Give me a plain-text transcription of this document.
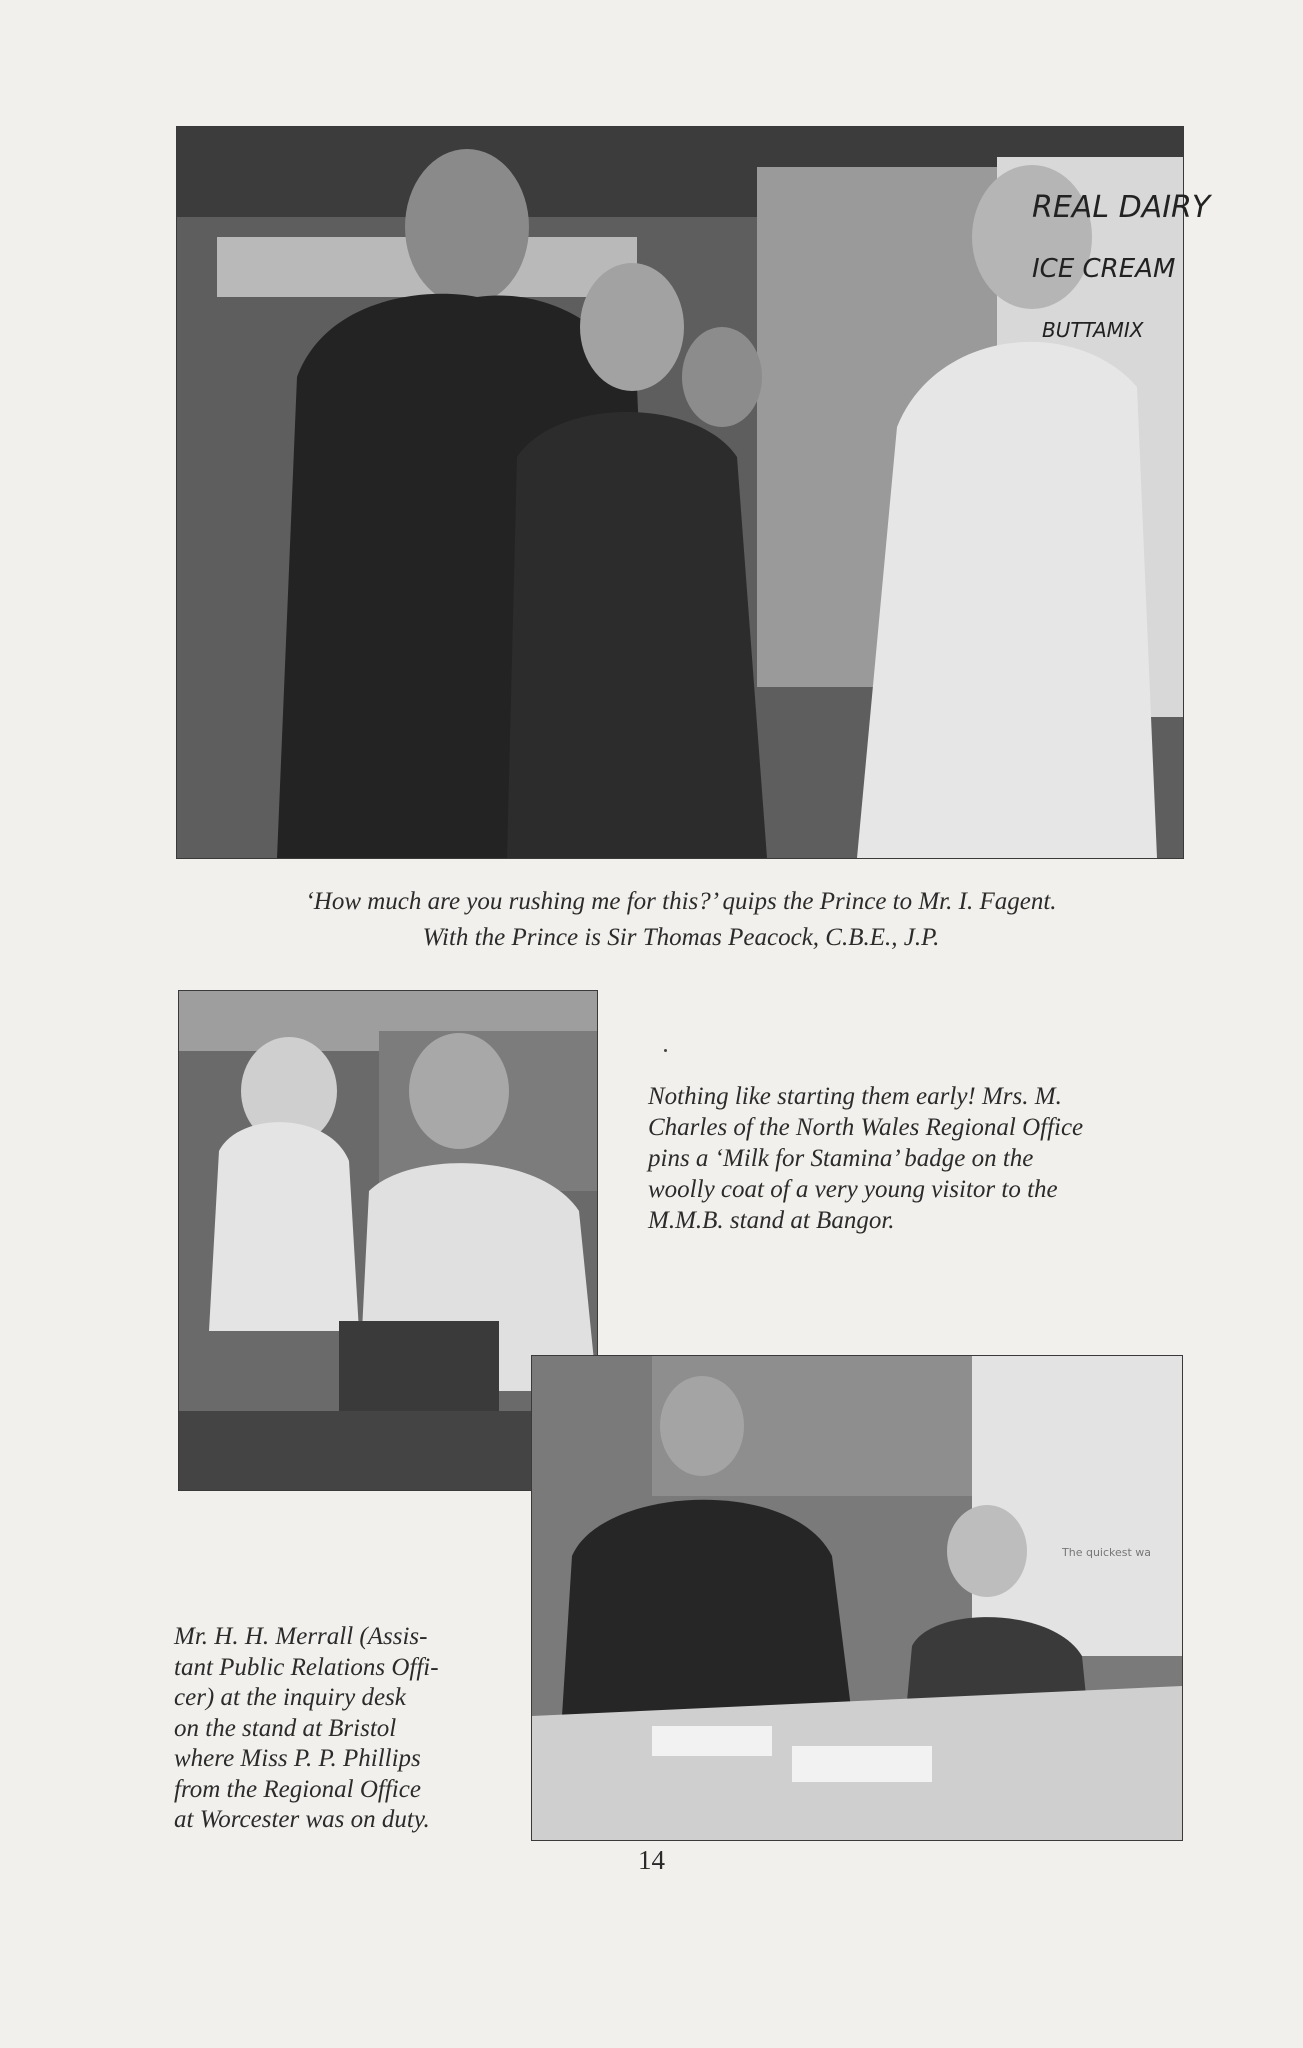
REAL DAIRY
ICE CREAM
BUTTAMIX
‘How much are you rushing me for this?’ quips the Prince to Mr. I. Fagent.
With the Prince is Sir Thomas Peacock, C.B.E., J.P.
Nothing like starting them early! Mrs. M.
Charles of the North Wales Regional Office
pins a ‘Milk for Stamina’ badge on the
woolly coat of a very young visitor to the
M.M.B. stand at Bangor.
The quickest wa
Mr. H. H. Merrall (Assis-
tant Public Relations Offi-
cer) at the inquiry desk
on the stand at Bristol
where Miss P. P. Phillips
from the Regional Office
at Worcester was on duty.
14
